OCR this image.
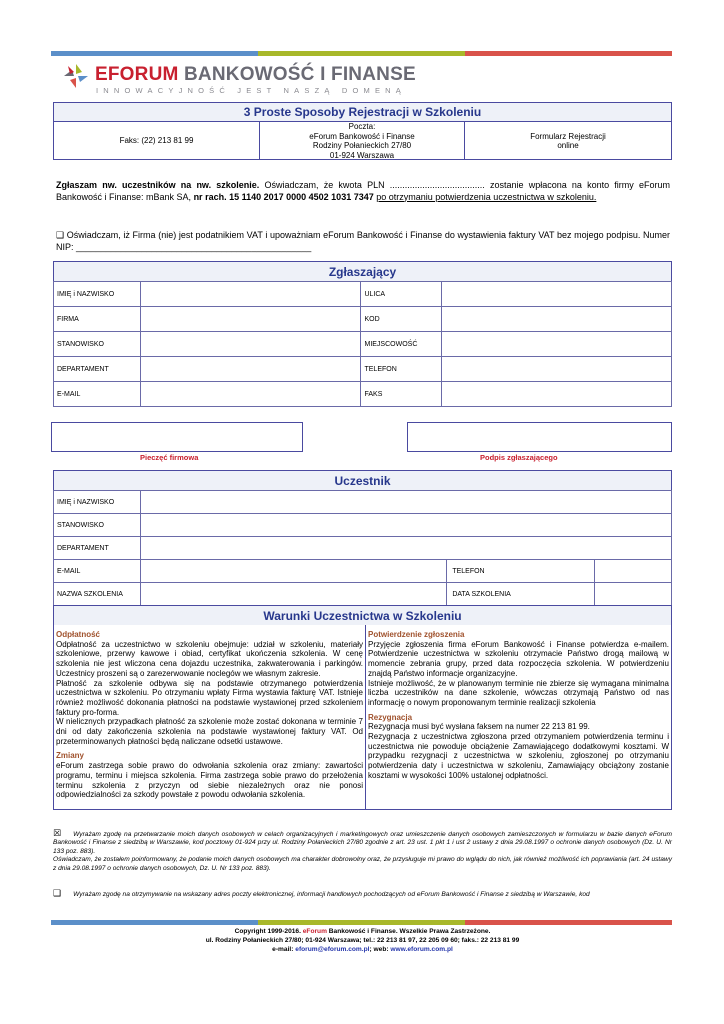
EFORUM BANKOWOŚĆ I FINANSE
INNOWACYJNOŚĆ JEST NASZĄ DOMENĄ
3 Proste Sposoby Rejestracji w Szkoleniu
Faks: (22) 213 81 99
Poczta:
eForum Bankowość i Finanse
Rodziny Połanieckich 27/80
01-924 Warszawa
Formularz Rejestracji
online
Zgłaszam nw. uczestników na nw. szkolenie. Oświadczam, że kwota PLN ...................................... zostanie wpłacona na konto firmy eForum Bankowość i Finanse: mBank SA, nr rach. 15 1140 2017 0000 4502 1031 7347 po otrzymaniu potwierdzenia uczestnictwa w szkoleniu.
❑ Oświadczam, iż Firma (nie) jest podatnikiem VAT i upoważniam eForum Bankowość i Finanse do wystawienia faktury VAT bez mojego podpisu. Numer NIP: _______________________________________________
Zgłaszający
IMIĘ i NAZWISKO		ULICA	
FIRMA		KOD	
STANOWISKO		MIEJSCOWOŚĆ	
DEPARTAMENT		TELEFON	
E-MAIL		FAKS	
Pieczęć firmowa	Podpis zgłaszającego
Uczestnik
IMIĘ i NAZWISKO			
STANOWISKO			
DEPARTAMENT			
E-MAIL		TELEFON	
NAZWA SZKOLENIA		DATA SZKOLENIA	
Warunki Uczestnictwa w Szkoleniu
Odpłatność
Odpłatność za uczestnictwo w szkoleniu obejmuje: udział w szkoleniu, materiały szkoleniowe, przerwy kawowe i obiad, certyfikat ukończenia szkolenia. W cenę szkolenia nie jest wliczona cena dojazdu uczestnika, zakwaterowania i parkingów. Uczestnicy proszeni są o zarezerwowanie noclegów we własnym zakresie.
Płatność za szkolenie odbywa się na podstawie otrzymanego potwierdzenia uczestnictwa w szkoleniu. Po otrzymaniu wpłaty Firma wystawia fakturę VAT. Istnieje również możliwość dokonania płatności na podstawie wystawionej przed szkoleniem faktury pro-forma.
W nielicznych przypadkach płatność za szkolenie może zostać dokonana w terminie 7 dni od daty zakończenia szkolenia na podstawie wystawionej faktury VAT. Od przeterminowanych płatności będą naliczane odsetki ustawowe.
Zmiany
eForum zastrzega sobie prawo do odwołania szkolenia oraz zmiany: zawartości programu, terminu i miejsca szkolenia. Firma zastrzega sobie prawo do przełożenia terminu szkolenia z przyczyn od siebie niezależnych oraz nie ponosi odpowiedzialności za szkody powstałe z powodu odwołania szkolenia.
Potwierdzenie zgłoszenia
Przyjęcie zgłoszenia firma eForum Bankowość i Finanse potwierdza e-mailem. Potwierdzenie uczestnictwa w szkoleniu otrzymacie Państwo drogą mailową w momencie zebrania grupy, przed data rozpoczęcia szkolenia. W potwierdzeniu znajdą Państwo informacje organizacyjne.
Istnieje możliwość, że w planowanym terminie nie zbierze się wymagana minimalna liczba uczestników na dane szkolenie, wówczas otrzymają Państwo od nas informację o nowym proponowanym terminie realizacji szkolenia
Rezygnacja
Rezygnacja musi być wysłana faksem na numer 22 213 81 99.
Rezygnacja z uczestnictwa zgłoszona przed otrzymaniem potwierdzenia terminu i uczestnictwa nie powoduje obciążenie Zamawiającego dodatkowymi kosztami. W przypadku rezygnacji z uczestnictwa w szkoleniu, zgłoszonej po otrzymaniu potwierdzenia daty i uczestnictwa w szkoleniu, Zamawiający obciążony zostanie kosztami w wysokości 100% ustalonej odpłatności.
☒ Wyrażam zgodę na przetwarzanie moich danych osobowych w celach organizacyjnych i marketingowych oraz umieszczenie danych osobowych zamieszczonych w formularzu w bazie danych eForum Bankowość i Finanse z siedzibą w Warszawie, kod pocztowy 01-924 przy ul. Rodziny Połanieckich 27/80 zgodnie z art. 23 ust. 1 pkt 1 i ust 2 ustawy z dnia 29.08.1997 o ochronie danych osobowych (Dz. U. Nr 133 poz. 883).
Oświadczam, że zostałem poinformowany, że podanie moich danych osobowych ma charakter dobrowolny oraz, że przysługuje mi prawo do wglądu do nich, jak również możliwość ich poprawiania (art. 24 ustawy z dnia 29.08.1997 o ochronie danych osobowych, Dz. U. Nr 133 poz. 883).
❑ Wyrażam zgodę na otrzymywanie na wskazany adres poczty elektronicznej, informacji handlowych pochodzących od eForum Bankowość i Finanse z siedzibą w Warszawie, kod
Copyright 1999-2016. eForum Bankowość i Finanse. Wszelkie Prawa Zastrzeżone.
ul. Rodziny Połanieckich 27/80; 01-924 Warszawa; tel.: 22 213 81 97, 22 205 09 60; faks.: 22 213 81 99
e-mail: eforum@eforum.com.pl; web: www.eforum.com.pl
